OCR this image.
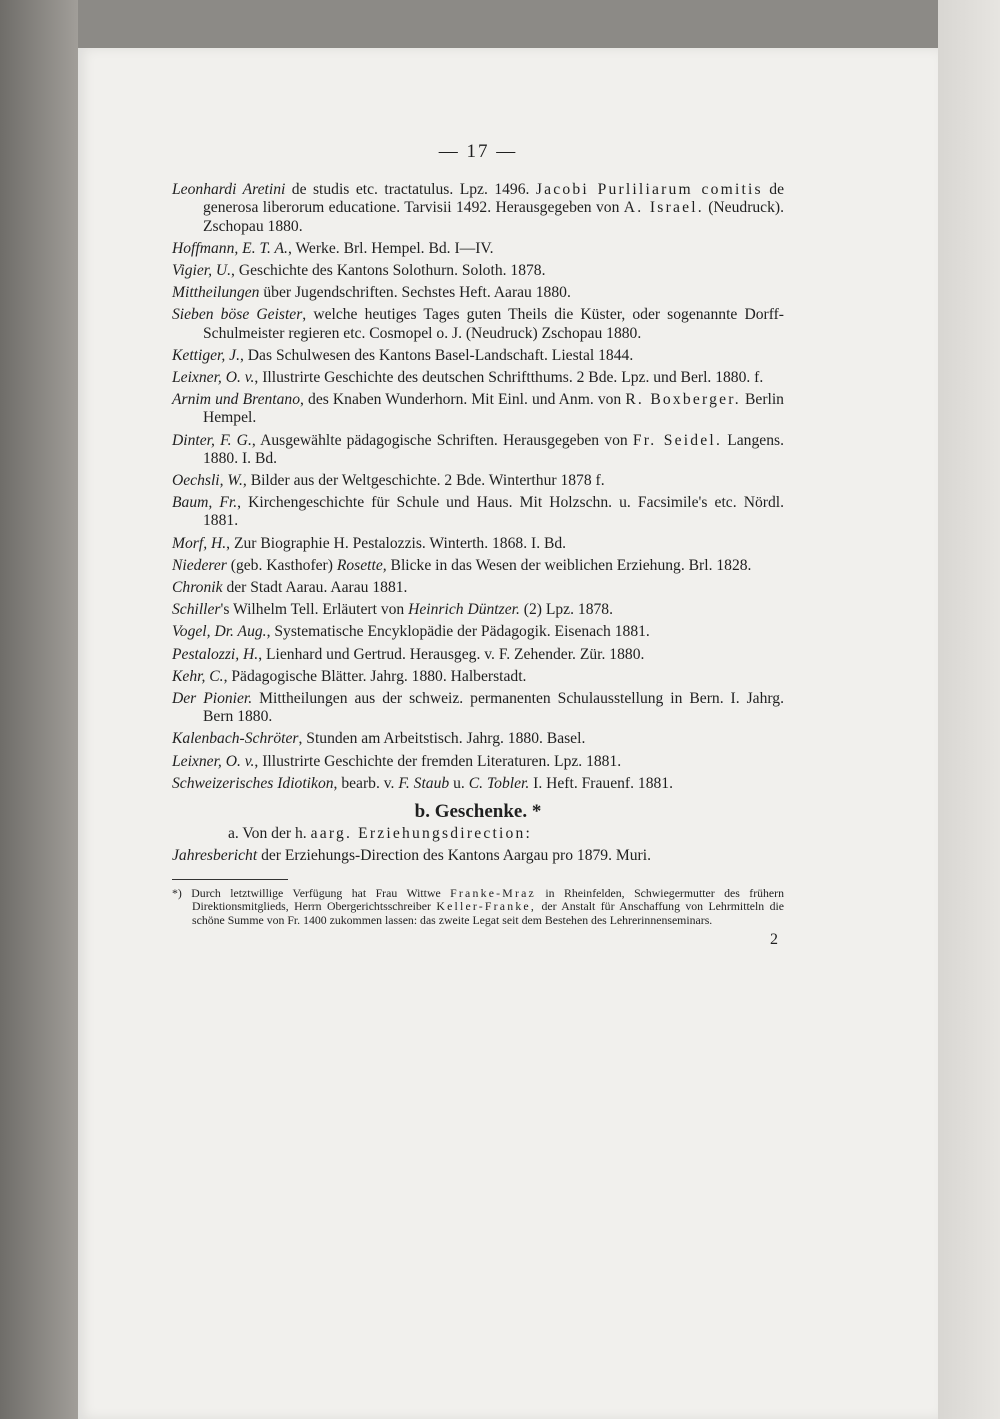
— 17 —
Leonhardi Aretini de studis etc. tractatulus. Lpz. 1496. Jacobi Purliliarum comitis de generosa liberorum educatione. Tarvisii 1492. Herausgegeben von A. Israel. (Neudruck). Zschopau 1880.
Hoffmann, E. T. A., Werke. Brl. Hempel. Bd. I—IV.
Vigier, U., Geschichte des Kantons Solothurn. Soloth. 1878.
Mittheilungen über Jugendschriften. Sechstes Heft. Aarau 1880.
Sieben böse Geister, welche heutiges Tages guten Theils die Küster, oder sogenannte Dorff-Schulmeister regieren etc. Cosmopel o. J. (Neudruck) Zschopau 1880.
Kettiger, J., Das Schulwesen des Kantons Basel-Landschaft. Liestal 1844.
Leixner, O. v., Illustrirte Geschichte des deutschen Schriftthums. 2 Bde. Lpz. und Berl. 1880. f.
Arnim und Brentano, des Knaben Wunderhorn. Mit Einl. und Anm. von R. Boxberger. Berlin Hempel.
Dinter, F. G., Ausgewählte pädagogische Schriften. Herausgegeben von Fr. Seidel. Langens. 1880. I. Bd.
Oechsli, W., Bilder aus der Weltgeschichte. 2 Bde. Winterthur 1878 f.
Baum, Fr., Kirchengeschichte für Schule und Haus. Mit Holzschn. u. Facsimile's etc. Nördl. 1881.
Morf, H., Zur Biographie H. Pestalozzis. Winterth. 1868. I. Bd.
Niederer (geb. Kasthofer) Rosette, Blicke in das Wesen der weiblichen Erziehung. Brl. 1828.
Chronik der Stadt Aarau. Aarau 1881.
Schiller's Wilhelm Tell. Erläutert von Heinrich Düntzer. (2) Lpz. 1878.
Vogel, Dr. Aug., Systematische Encyklopädie der Pädagogik. Eisenach 1881.
Pestalozzi, H., Lienhard und Gertrud. Herausgeg. v. F. Zehender. Zür. 1880.
Kehr, C., Pädagogische Blätter. Jahrg. 1880. Halberstadt.
Der Pionier. Mittheilungen aus der schweiz. permanenten Schulausstellung in Bern. I. Jahrg. Bern 1880.
Kalenbach-Schröter, Stunden am Arbeitstisch. Jahrg. 1880. Basel.
Leixner, O. v., Illustrirte Geschichte der fremden Literaturen. Lpz. 1881.
Schweizerisches Idiotikon, bearb. v. F. Staub u. C. Tobler. I. Heft. Frauenf. 1881.
b. Geschenke. *
a. Von der h. aarg. Erziehungsdirection:
Jahresbericht der Erziehungs-Direction des Kantons Aargau pro 1879. Muri.
*) Durch letztwillige Verfügung hat Frau Wittwe Franke-Mraz in Rheinfelden, Schwiegermutter des frühern Direktionsmitglieds, Herrn Obergerichtsschreiber Keller-Franke, der Anstalt für Anschaffung von Lehrmitteln die schöne Summe von Fr. 1400 zukommen lassen: das zweite Legat seit dem Bestehen des Lehrerinnenseminars.
2
